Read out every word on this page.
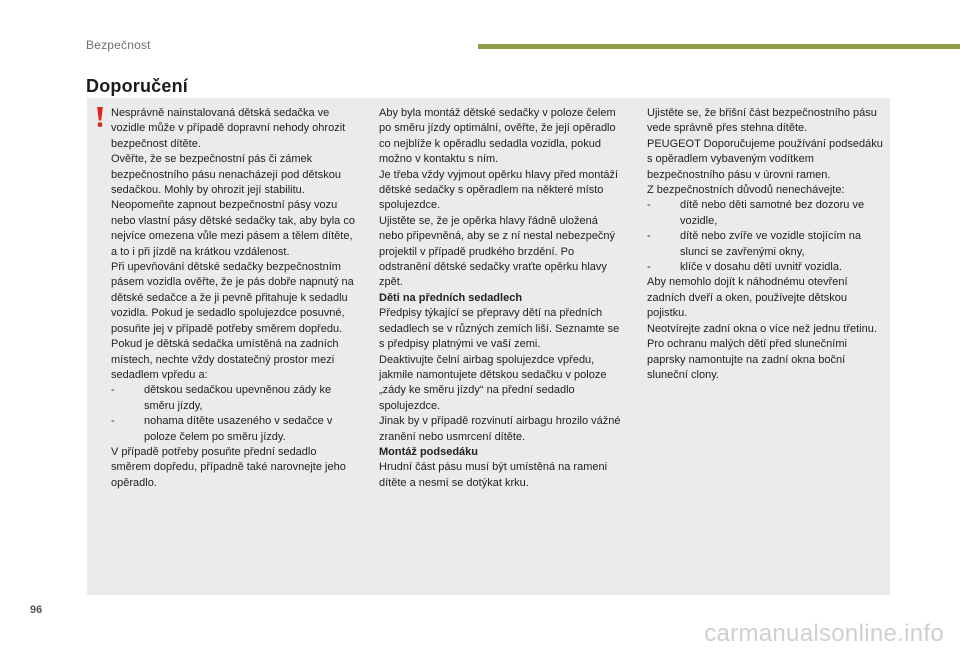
Bezpečnost
Doporučení

Nesprávně nainstalovaná dětská sedačka ve vozidle může v případě dopravní nehody ohrozit bezpečnost dítěte.

Ověřte, že se bezpečnostní pás či zámek bezpečnostního pásu nenacházejí pod dětskou sedačkou. Mohly by ohrozit její stabilitu.

Neopomeňte zapnout bezpečnostní pásy vozu nebo vlastní pásy dětské sedačky tak, aby byla co nejvíce omezena vůle mezi pásem a tělem dítěte, a to i při jízdě na krátkou vzdálenost.

Při upevňování dětské sedačky bezpečnostním pásem vozidla ověřte, že je pás dobře napnutý na dětské sedačce a že ji pevně přitahuje k sedadlu vozidla. Pokud je sedadlo spolujezdce posuvné, posuňte jej v případě potřeby směrem dopředu.

Pokud je dětská sedačka umístěná na zadních místech, nechte vždy dostatečný prostor mezi sedadlem vpředu a:

- dětskou sedačkou upevněnou zády ke směru jízdy,

- nohama dítěte usazeného v sedačce v poloze čelem po směru jízdy.

V případě potřeby posuňte přední sedadlo směrem dopředu, případně také narovnejte jeho opěradlo.

Aby byla montáž dětské sedačky v poloze čelem po směru jízdy optimální, ověřte, že její opěradlo co nejblíže k opěradlu sedadla vozidla, pokud možno v kontaktu s ním.

Je třeba vždy vyjmout opěrku hlavy před montáží dětské sedačky s opěradlem na některé místo spolujezdce.

Ujistěte se, že je opěrka hlavy řádně uložená nebo připevněná, aby se z ní nestal nebezpečný projektil v případě prudkého brzdění. Po odstranění dětské sedačky vraťte opěrku hlavy zpět.

Děti na předních sedadlech

Předpisy týkající se přepravy dětí na předních sedadlech se v různých zemích liší. Seznamte se s předpisy platnými ve vaší zemi.

Deaktivujte čelní airbag spolujezdce vpředu, jakmile namontujete dětskou sedačku v poloze „zády ke směru jízdy“ na přední sedadlo spolujezdce.

Jinak by v případě rozvinutí airbagu hrozilo vážné zranění nebo usmrcení dítěte.

Montáž podsedáku

Hrudní část pásu musí být umístěná na rameni dítěte a nesmí se dotýkat krku.

Ujistěte se, že břišní část bezpečnostního pásu vede správně přes stehna dítěte.

PEUGEOT Doporučujeme používání podsedáku s opěradlem vybaveným vodítkem bezpečnostního pásu v úrovni ramen.

Z bezpečnostních důvodů nenechávejte:

- dítě nebo děti samotné bez dozoru ve vozidle,

- dítě nebo zvíře ve vozidle stojícím na slunci se zavřenými okny,

- klíče v dosahu dětí uvnitř vozidla.

Aby nemohlo dojít k náhodnému otevření zadních dveří a oken, používejte dětskou pojistku.

Neotvírejte zadní okna o více než jednu třetinu.

Pro ochranu malých dětí před slunečními paprsky namontujte na zadní okna boční sluneční clony.

96
carmanualsonline.info
